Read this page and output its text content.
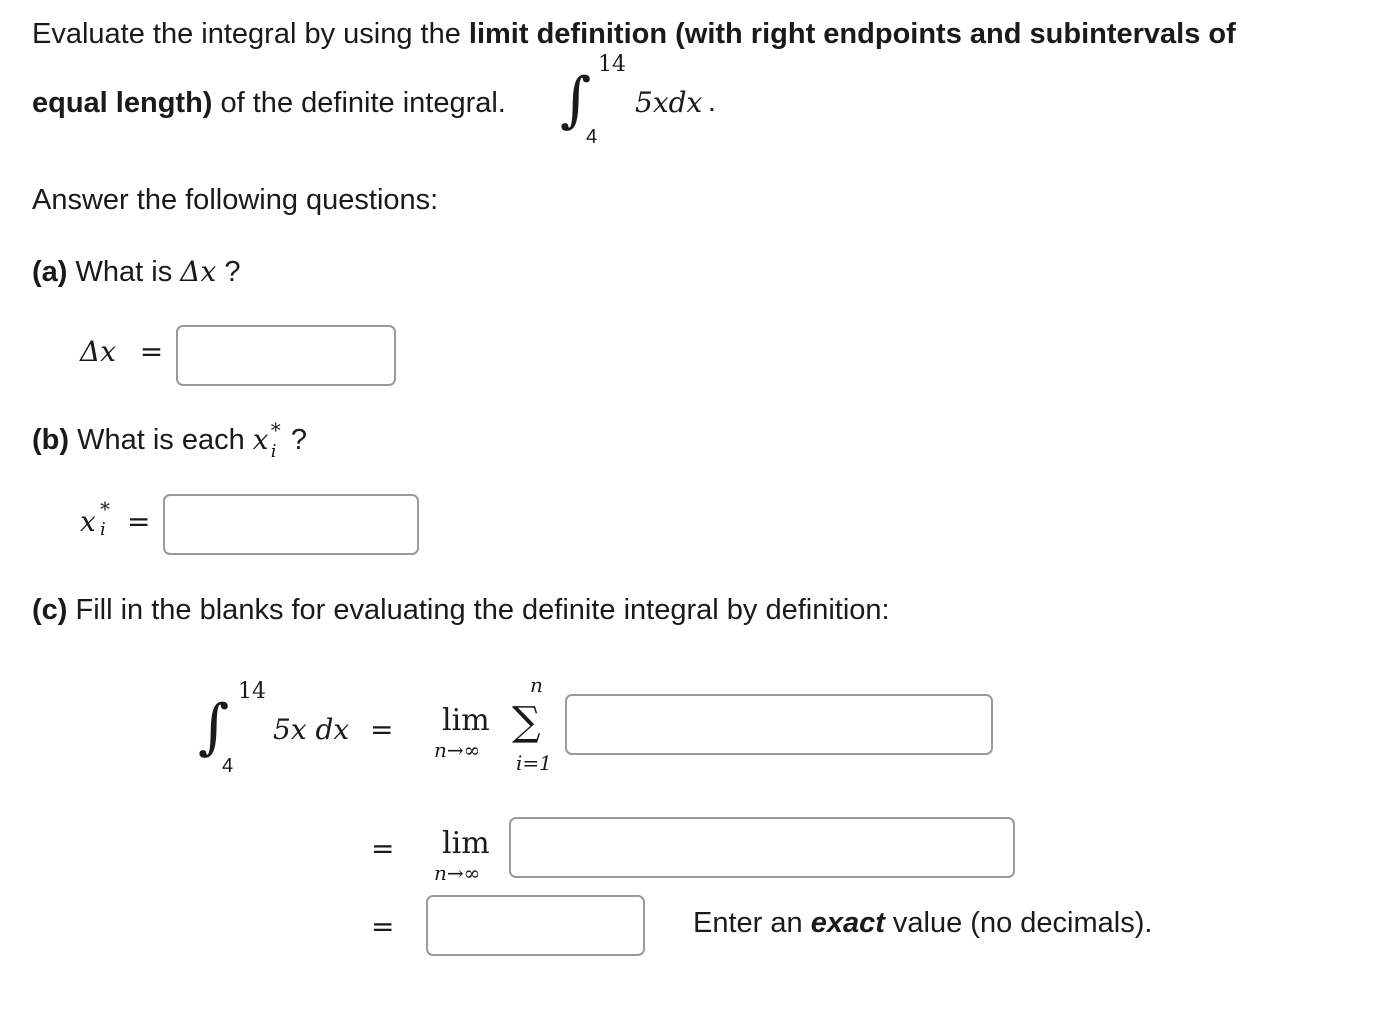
Evaluate the integral by using the limit definition (with right endpoints and subintervals of
equal length) of the definite integral. ∫
14
4
5xdx .
Answer the following questions:
(a) What is Δx ?
Δx =
(b) What is each x *
i ?
x *
i =
(c) Fill in the blanks for evaluating the definite integral by definition:
∫
14
4
5x dx = lim
n→∞
n
∑
i=1
= lim
n→∞
=	Enter an exact value (no decimals).
